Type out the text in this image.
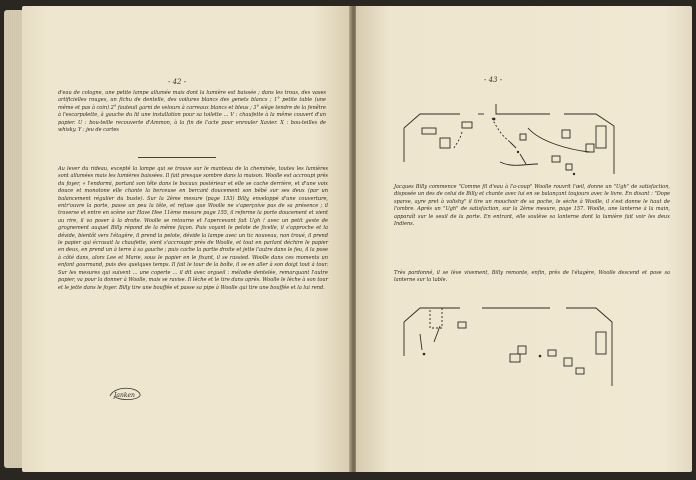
- 42 -

d'eau de cologne, une petite lampe allumée mais dont la lumière est baissée ; dans les trous, des vases artificielles rouges, un fichu de dentelle, des voilures blancs des genets blancs ; 1° petite table (une même et pas à coin) 2° fauteuil garni de velours à carreaux blancs et bleus ; 3° siège tendre de la fenêtre à l'escarpolette, à gauche du lit une installation pour sa toilette ... V : chaufette à la même couvert d'un papier. U : bou-teille recouverte d'Ammon, à la fin de l'acte pour enrouler Xavier. X : bou-teilles de whisky. Y : jeu de cartes

Au lever du rideau, excepté la lampe qui se trouve sur le manteau de la cheminée, toutes les lumières sont allumées mais les lumières baissées. Il fait presque sombre dans la maison. Woolle est accroupi près du foyer, « l'endormi, portant son tête dans le bocaux postérieur et elle se cache derrière, et d'une voix douce et monotone elle chante la berceuse en bercant doucement son bébé sur ses deux (par un balancement régulier du buste). Sur la 2ème mesure (page 153) Billy, enveloppé d'une couverture, entr'ouvre la porte, passe un peu la tête, et refuse que Woolle ne s'aperçoive pas de sa présence ; il traverse et entre en scène sur Have Hee 11ème mesure page 155, il referme la porte doucement et vient au rire, il va poser à la droite. Woolle se retourne et l'apercevant fait Ugh ! avec un petit geste de grognement auquel Billy répond de la même façon. Puis voyant le pelote de ficelle, il s'approche et la dévide, bientôt vers l'étagère, il prend la pelote, dévide la lampe avec un tic nouveau, non troué, il prend le papier qui écrasait la chaufette, vient s'accroupir près de Woolle, et tout en parlant déchire le papier en deux, en prend un à terre à sa gauche ; puis cache la partie droite et jette l'autre dans le feu, il la pose à côté dans, alors Lee et Marie, sous le papier en le fixant, il se rassied. Woolle dans ces moments un enfant gourmand, puis des quelques temps. Il fait le tour de la boîte, il se en aller à son doigt tout à tour. Sur les mesures qui suivent ... une coperte ... il dit avec orgueil : mélodie dentelée, remarquant l'autre papier, va pour la donner à Woolle, mais se ravise. Il lèche et le tire dans après. Woolle le lèche à son tour et le jette dans le foyer. Billy tire une bouffée et passe sa pipe à Woolle qui tire une bouffée et la lui rend.

Janken
- 43 -

Jacques Billy commence "Comme fil d'eau à l'a-coup" Woolle rouvrit l'œil, donne un "Ugh" de satisfaction, disposée un des de celui de Billy et chante avec lui en se balançant toujours avec le livre. En disant : "Dope sparse, ayre pret à volishy" il tire un mouchoir de sa poche, le sèche à Woolle, il s'est donne le haut de l'ombre. Après un "Ugh" de satisfaction, sur la 2ème mesure, page 157. Woolle, une lanterne à la main, apparaît sur le seuil de la porte. En entrant, elle soulève sa lanterne dont la lumière fait voir les deux Indiens.

Très pardonné, il se lève vivement, Billy remonte, enfin, près de l'étagère, Woolle descend et pose sa lanterne sur la table.
